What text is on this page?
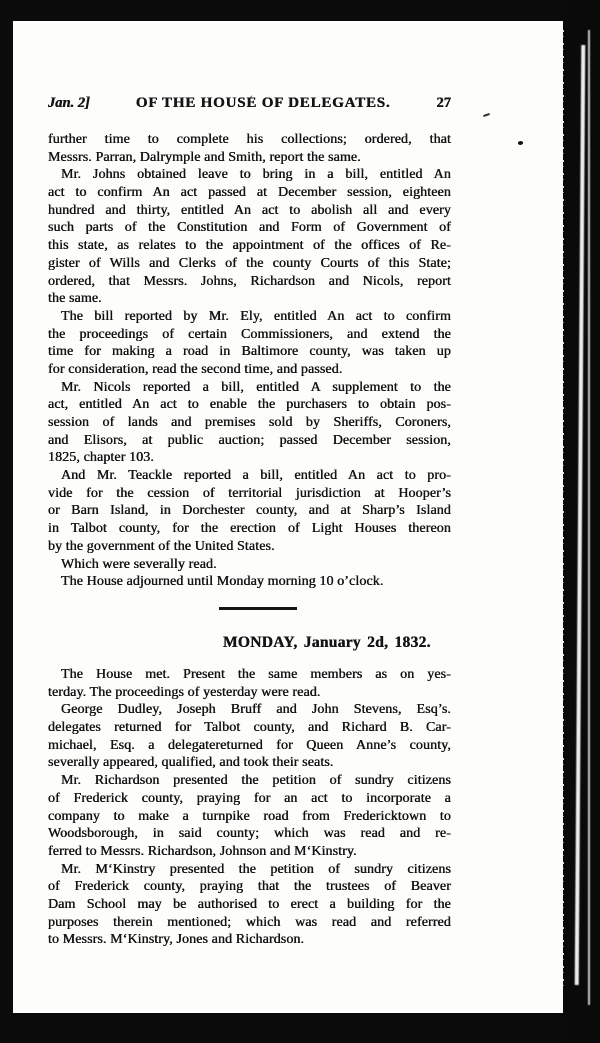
Jan. 2]	OF THE HOUSE OF DELEGATES.	27
further time to complete his collections; ordered, that
Messrs. Parran, Dalrymple and Smith, report the same.
Mr. Johns obtained leave to bring in a bill, entitled An
act to confirm An act passed at December session, eighteen
hundred and thirty, entitled An act to abolish all and every
such parts of the Constitution and Form of Government of
this state, as relates to the appointment of the offices of Re-
gister of Wills and Clerks of the county Courts of this State;
ordered, that Messrs. Johns, Richardson and Nicols, report
the same.
The bill reported by Mr. Ely, entitled An act to confirm
the proceedings of certain Commissioners, and extend the
time for making a road in Baltimore county, was taken up
for consideration, read the second time, and passed.
Mr. Nicols reported a bill, entitled A supplement to the
act, entitled An act to enable the purchasers to obtain pos-
session of lands and premises sold by Sheriffs, Coroners,
and Elisors, at public auction; passed December session,
1825, chapter 103.
And Mr. Teackle reported a bill, entitled An act to pro-
vide for the cession of territorial jurisdiction at Hooper’s
or Barn Island, in Dorchester county, and at Sharp’s Island
in Talbot county, for the erection of Light Houses thereon
by the government of the United States.
Which were severally read.
The House adjourned until Monday morning 10 o’clock.
MONDAY, January 2d, 1832.
The House met. Present the same members as on yes-
terday. The proceedings of yesterday were read.
George Dudley, Joseph Bruff and John Stevens, Esq’s.
delegates returned for Talbot county, and Richard B. Car-
michael, Esq. a delegatereturned for Queen Anne’s county,
severally appeared, qualified, and took their seats.
Mr. Richardson presented the petition of sundry citizens
of Frederick county, praying for an act to incorporate a
company to make a turnpike road from Fredericktown to
Woodsborough, in said county; which was read and re-
ferred to Messrs. Richardson, Johnson and M‘Kinstry.
Mr. M‘Kinstry presented the petition of sundry citizens
of Frederick county, praying that the trustees of Beaver
Dam School may be authorised to erect a building for the
purposes therein mentioned; which was read and referred
to Messrs. M‘Kinstry, Jones and Richardson.
